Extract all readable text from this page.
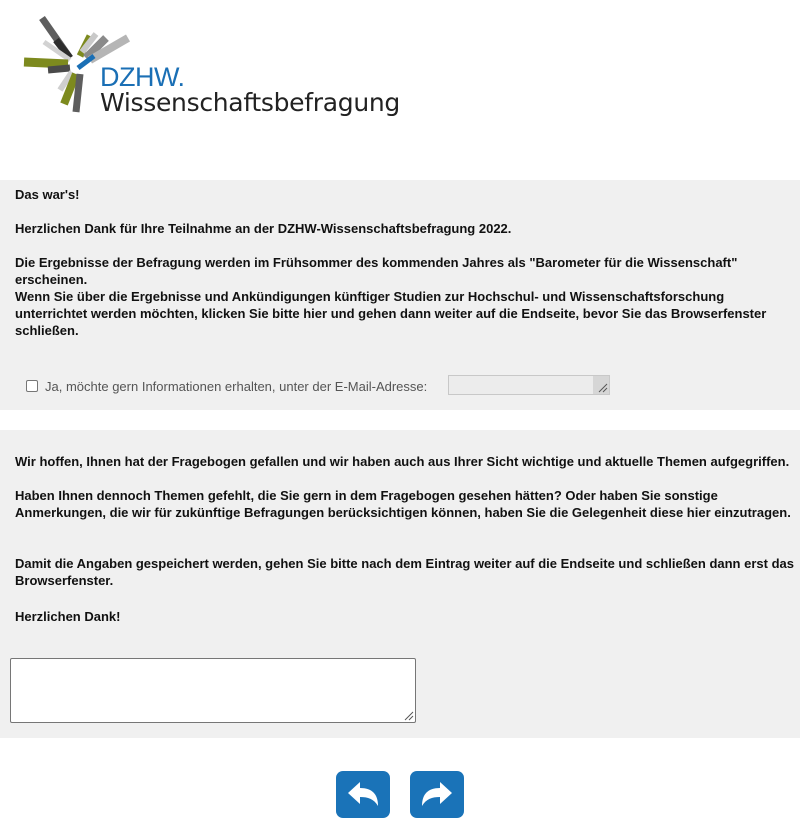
DZHW.
Wissenschaftsbefragung

Das war's!

Herzlichen Dank für Ihre Teilnahme an der DZHW-Wissenschaftsbefragung 2022.

Die Ergebnisse der Befragung werden im Frühsommer des kommenden Jahres als "Barometer für die Wissenschaft" erscheinen.

Wenn Sie über die Ergebnisse und Ankündigungen künftiger Studien zur Hochschul- und Wissenschaftsforschung unterrichtet werden möchten, klicken Sie bitte hier und gehen dann weiter auf die Endseite, bevor Sie das Browserfenster schließen.

Ja, möchte gern Informationen erhalten, unter der E-Mail-Adresse:

Wir hoffen, Ihnen hat der Fragebogen gefallen und wir haben auch aus Ihrer Sicht wichtige und aktuelle Themen aufgegriffen.

Haben Ihnen dennoch Themen gefehlt, die Sie gern in dem Fragebogen gesehen hätten? Oder haben Sie sonstige Anmerkungen, die wir für zukünftige Befragungen berücksichtigen können, haben Sie die Gelegenheit diese hier einzutragen.

Damit die Angaben gespeichert werden, gehen Sie bitte nach dem Eintrag weiter auf die Endseite und schließen dann erst das Browserfenster.

Herzlichen Dank!
